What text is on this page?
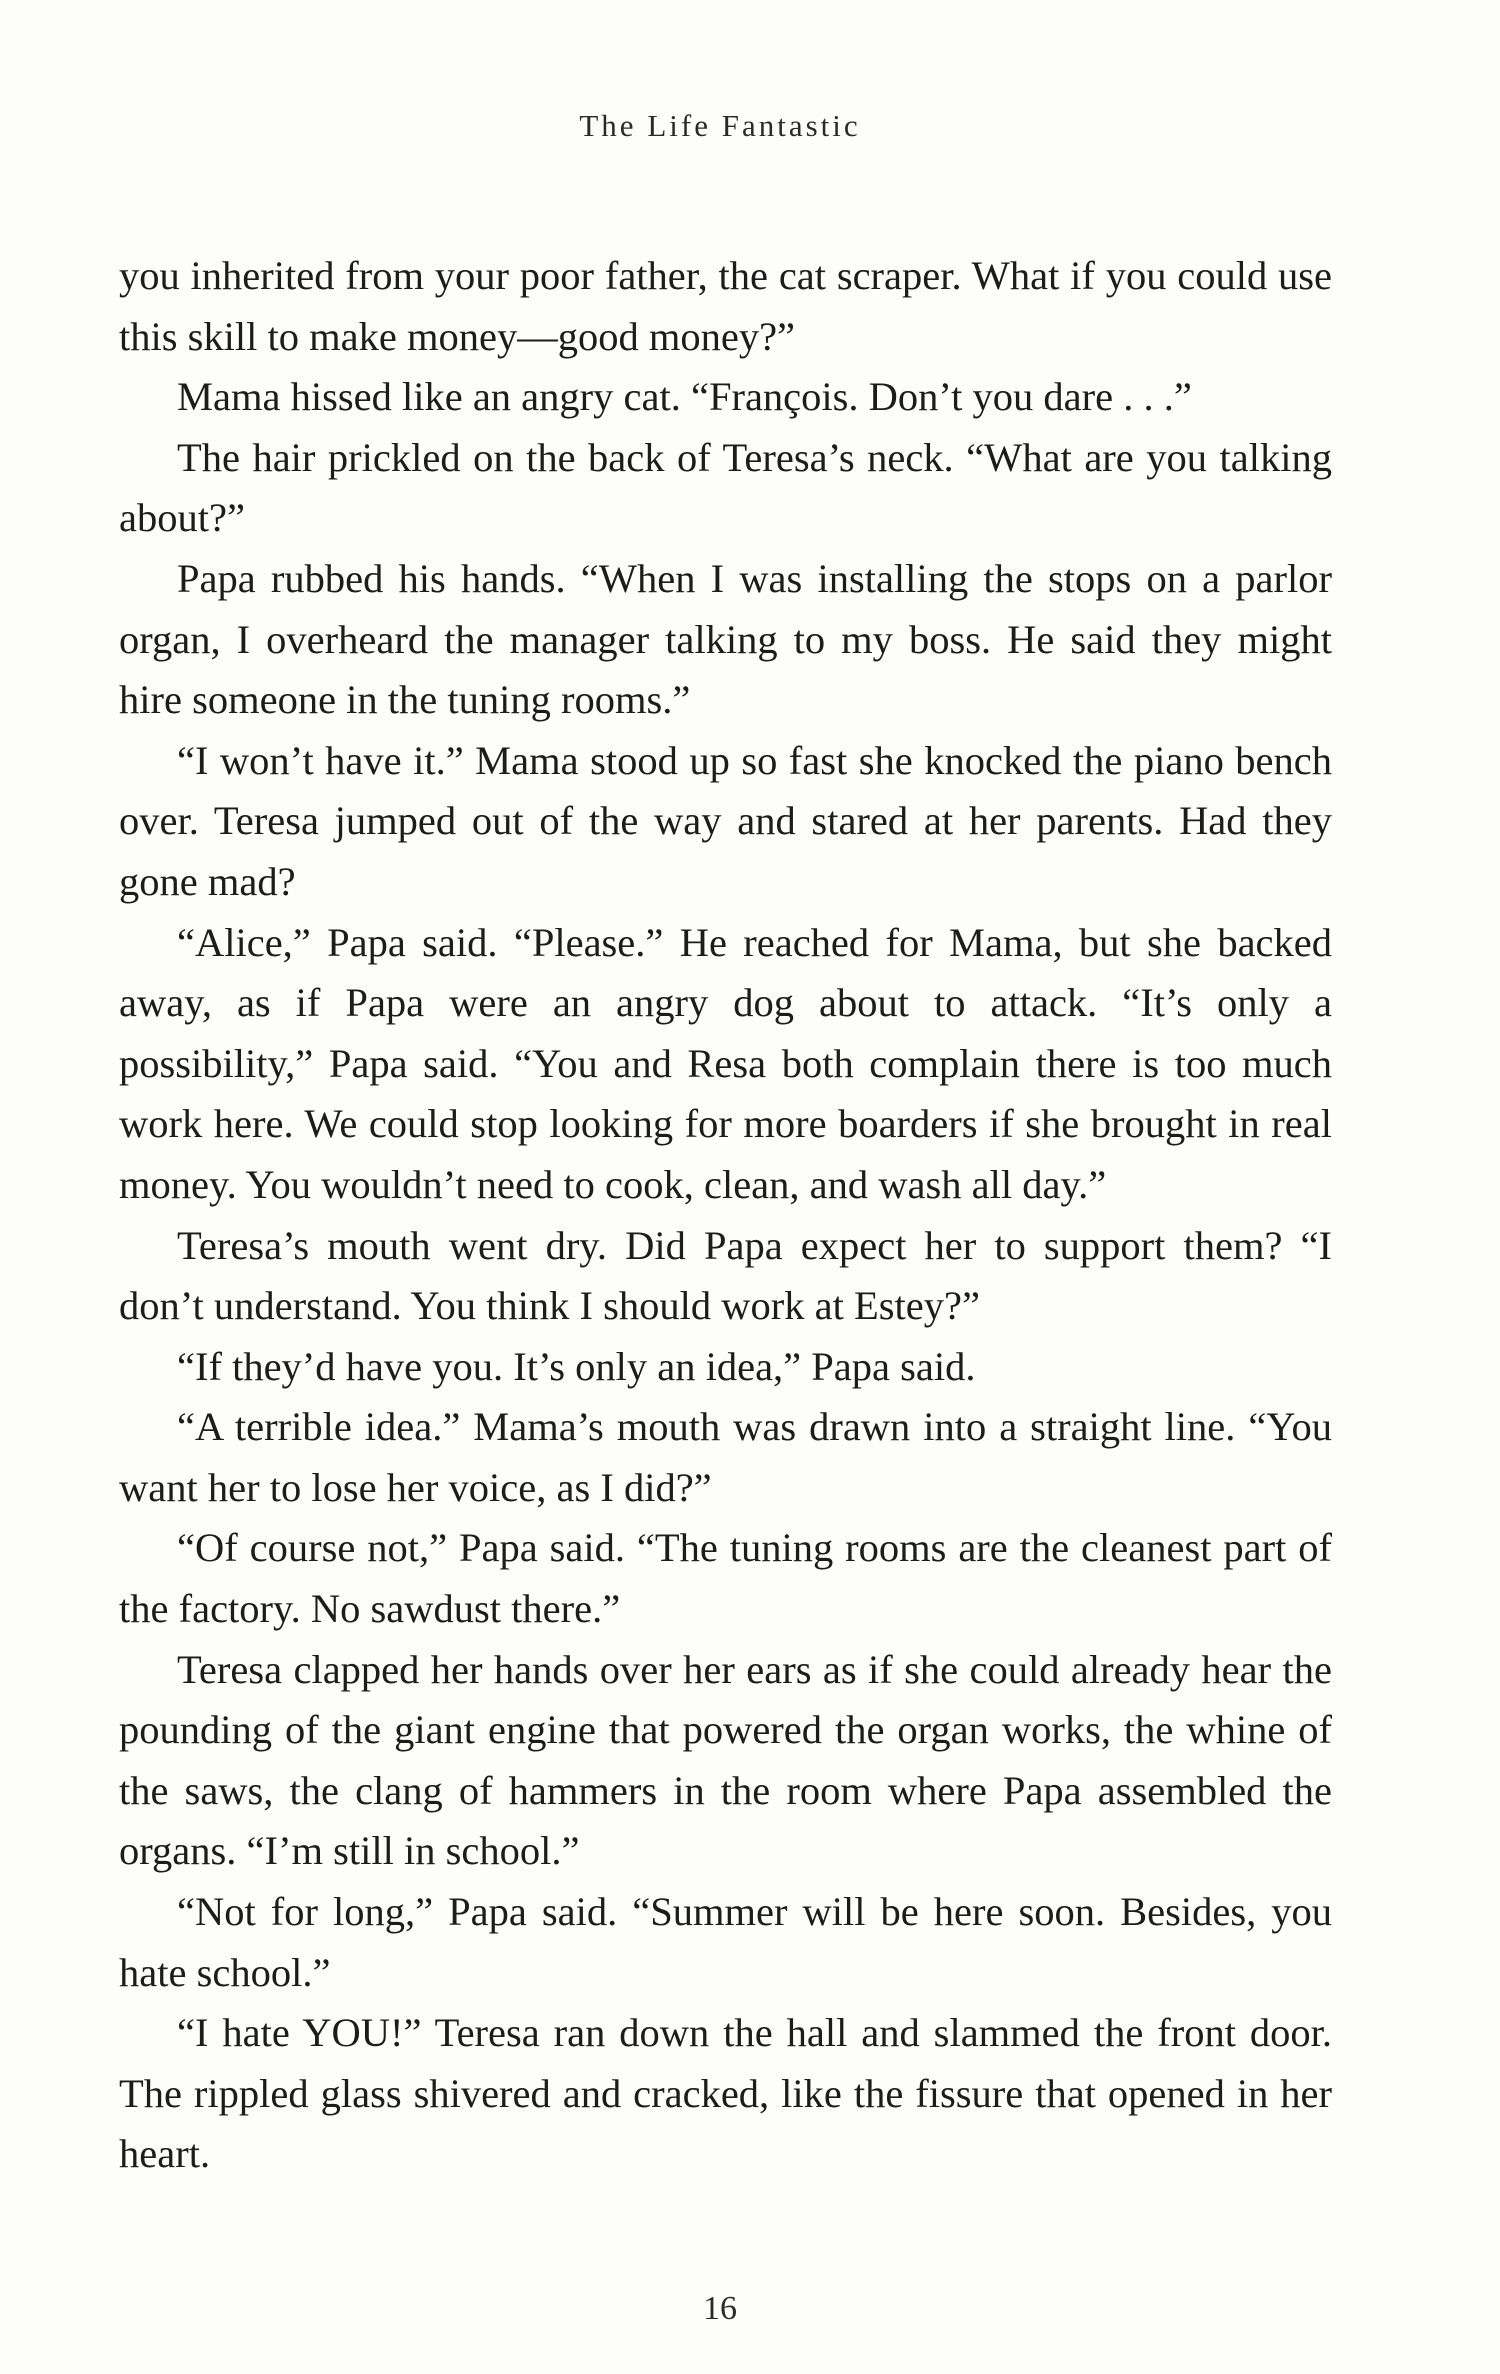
The Life Fantastic

you inherited from your poor father, the cat scraper. What if you could use this skill to make money—good money?”

Mama hissed like an angry cat. “François. Don’t you dare . . .”

The hair prickled on the back of Teresa’s neck. “What are you talking about?”

Papa rubbed his hands. “When I was installing the stops on a parlor organ, I overheard the manager talking to my boss. He said they might hire someone in the tuning rooms.”

“I won’t have it.” Mama stood up so fast she knocked the piano bench over. Teresa jumped out of the way and stared at her parents. Had they gone mad?

“Alice,” Papa said. “Please.” He reached for Mama, but she backed away, as if Papa were an angry dog about to attack. “It’s only a possibility,” Papa said. “You and Resa both complain there is too much work here. We could stop looking for more boarders if she brought in real money. You wouldn’t need to cook, clean, and wash all day.”

Teresa’s mouth went dry. Did Papa expect her to support them? “I don’t understand. You think I should work at Estey?”

“If they’d have you. It’s only an idea,” Papa said.

“A terrible idea.” Mama’s mouth was drawn into a straight line. “You want her to lose her voice, as I did?”

“Of course not,” Papa said. “The tuning rooms are the cleanest part of the factory. No sawdust there.”

Teresa clapped her hands over her ears as if she could already hear the pounding of the giant engine that powered the organ works, the whine of the saws, the clang of hammers in the room where Papa assembled the organs. “I’m still in school.”

“Not for long,” Papa said. “Summer will be here soon. Besides, you hate school.”

“I hate YOU!” Teresa ran down the hall and slammed the front door. The rippled glass shivered and cracked, like the fissure that opened in her heart.

16
